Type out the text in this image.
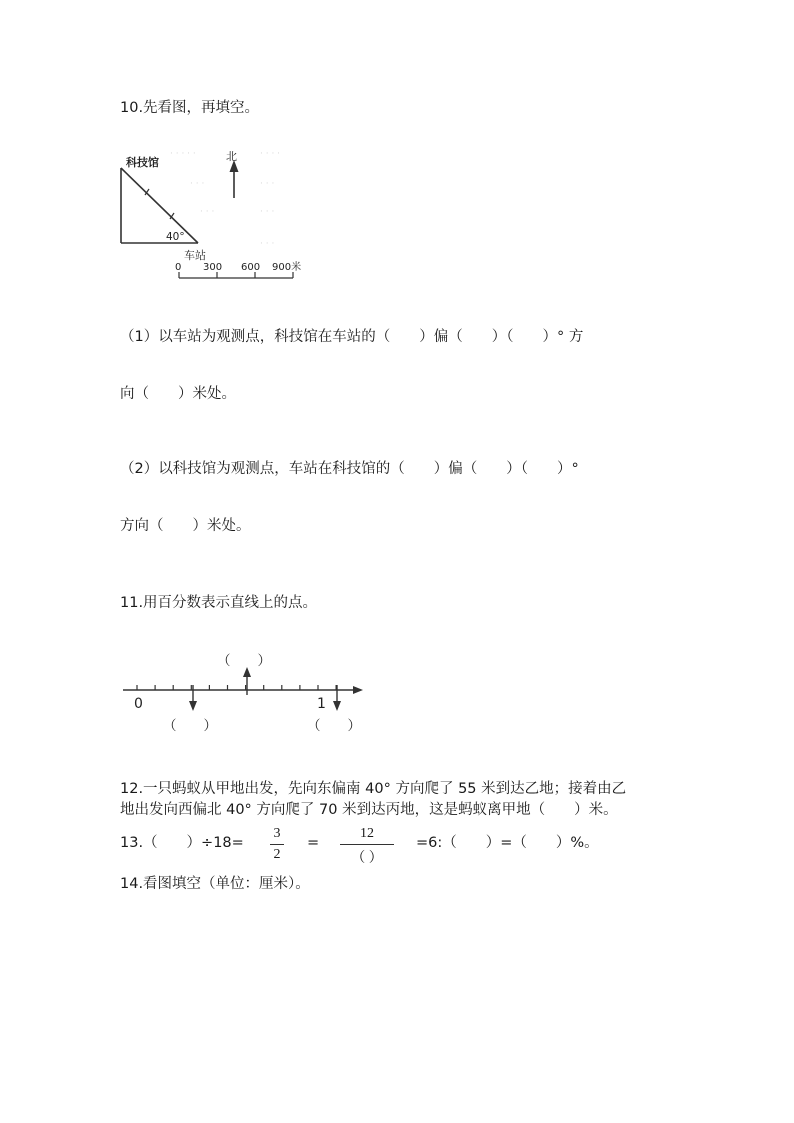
10.先看图，再填空。
· · · · ·	· · · ·
· · ·	· · ·
· · ·	· · ·
· · ·
北
科技馆
40°
车站
0 300 600 900米
（1）以车站为观测点，科技馆在车站的（　　）偏（　　）（　　）° 方
向（　　）米处。
（2）以科技馆为观测点，车站在科技馆的（　　）偏（　　）（　　）°
方向（　　）米处。
11.用百分数表示直线上的点。
0	1
（　　）
（　　）	（　　）
12.一只蚂蚁从甲地出发，先向东偏南 40° 方向爬了 55 米到达乙地；接着由乙
地出发向西偏北 40° 方向爬了 70 米到达丙地，这是蚂蚁离甲地（　　）米。
13.（　　）÷18=
3
2
=
12
（ ）
=6:（　　）=（　　）%。
14.看图填空（单位：厘米）。
